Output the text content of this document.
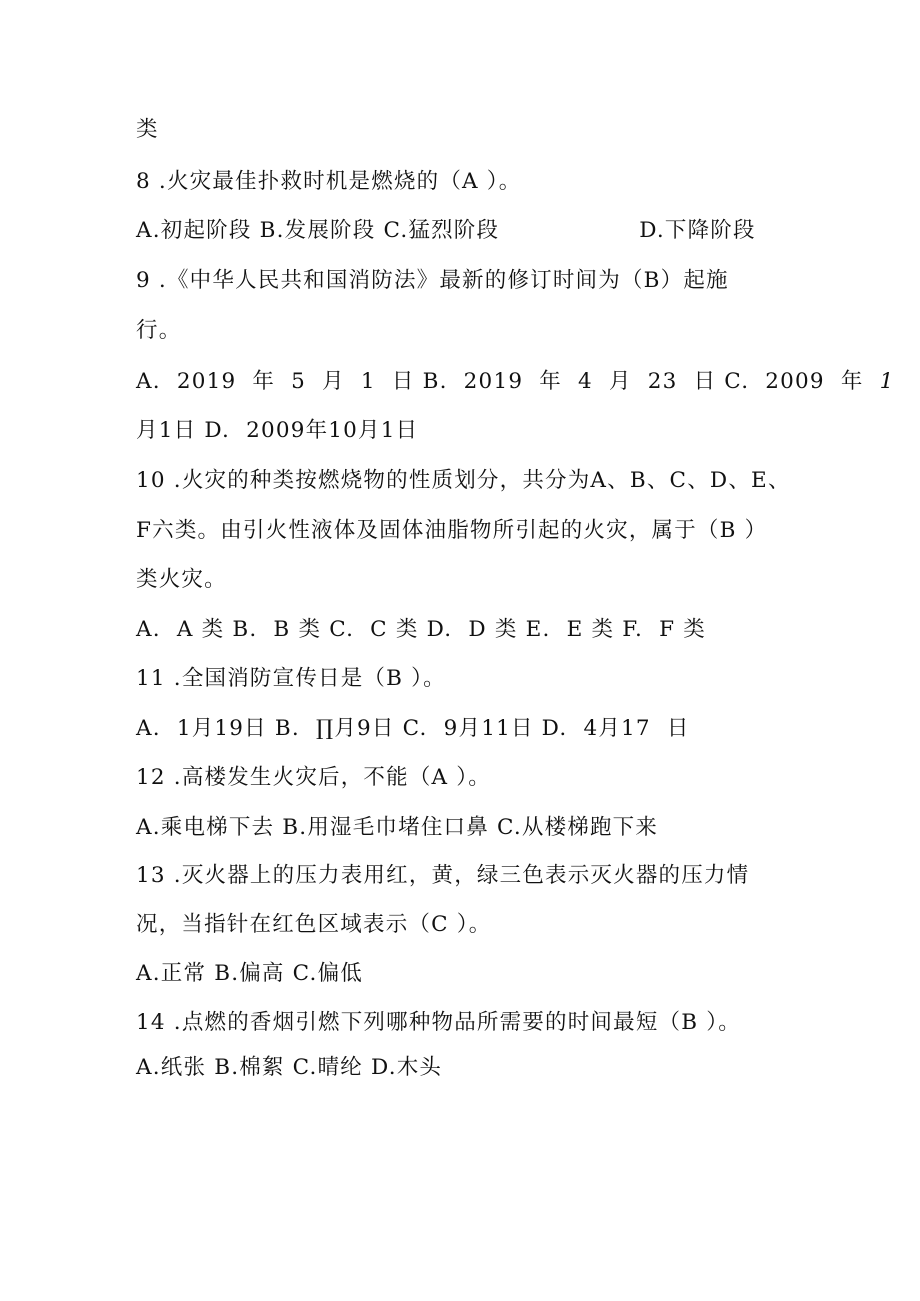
类
8 .火灾最佳扑救时机是燃烧的（A ）。
A.初起阶段 B.发展阶段 C.猛烈阶段	D.下降阶段
9 .《中华人民共和国消防法》最新的修订时间为（B）起施
行。
A.  2019  年  5  月  1  日 B.  2019  年  4  月  23  日 C.  2009  年  1
月1日 D.  2009年10月1日
10 .火灾的种类按燃烧物的性质划分，共分为A、B、C、D、E、
F六类。由引火性液体及固体油脂物所引起的火灾，属于（B ）
类火灾。
A.  A 类 B.  B 类 C.  C 类 D.  D 类 E.  E 类 F.  F 类
11 .全国消防宣传日是（B ）。
A.  1月19日 B.  ∏月9日 C.  9月11日 D.  4月17  日
12 .高楼发生火灾后，不能（A ）。
A.乘电梯下去 B.用湿毛巾堵住口鼻 C.从楼梯跑下来
13 .灭火器上的压力表用红，黄，绿三色表示灭火器的压力情
况，当指针在红色区域表示（C ）。
A.正常 B.偏高 C.偏低
14 .点燃的香烟引燃下列哪种物品所需要的时间最短（B ）。
A.纸张 B.棉絮 C.晴纶 D.木头
